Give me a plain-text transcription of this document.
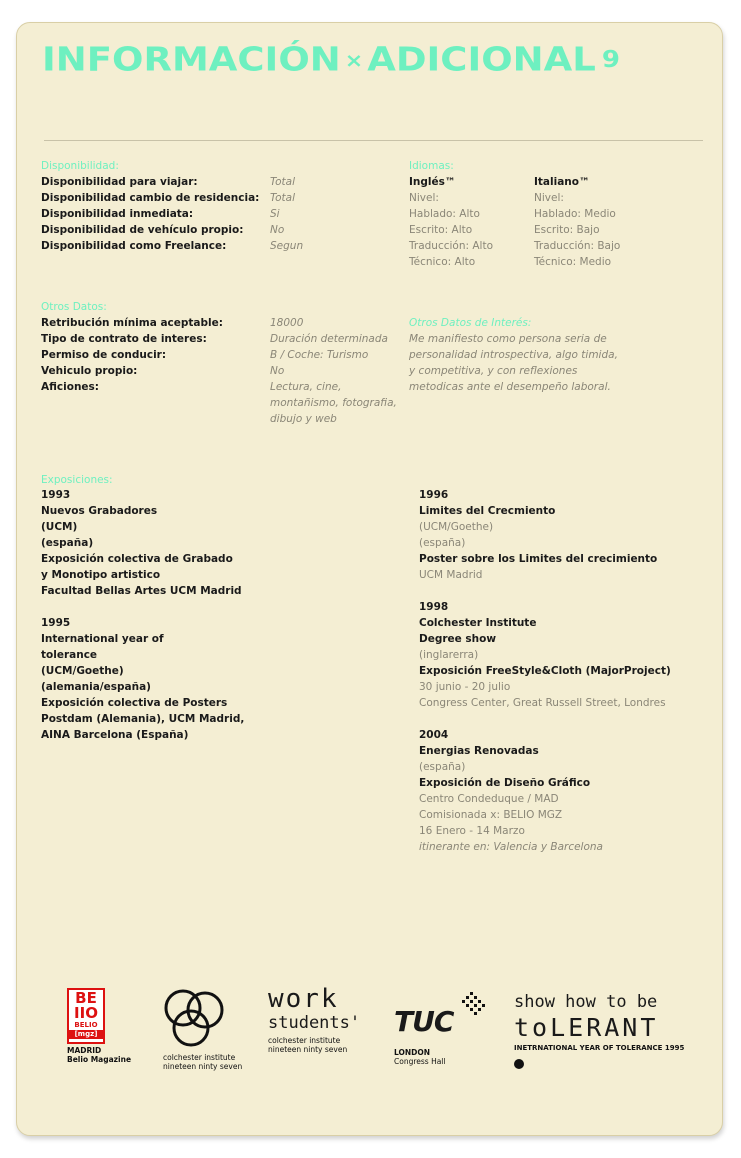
INFORMACIÓN × ADICIONAL $^9$
Disponibilidad:
Disponibilidad para viajar:	Total
Disponibilidad cambio de residencia: Total
Disponibilidad inmediata:	Si
Disponibilidad de vehículo propio:	No
Disponibilidad como Freelance:	Segun
Idiomas:
Inglés™
Nivel:
Hablado: Alto
Escrito: Alto
Traducción: Alto
Técnico: Alto
Italiano™
Nivel:
Hablado: Medio
Escrito: Bajo
Traducción: Bajo
Técnico: Medio
Otros Datos:
Retribución mínima aceptable:	18000
Tipo de contrato de interes:	Duración determinada
Permiso de conducir:	B / Coche: Turismo
Vehiculo propio:	No
Aficiones:	Lectura, cine,
montañismo, fotografia,
dibujo y web
Otros Datos de Interés:
Me manifiesto como persona seria de
personalidad introspectiva, algo timida,
y competitiva, y con reflexiones
metodicas ante el desempeño laboral.
Exposiciones:
1993
Nuevos Grabadores
(UCM)
(españa)
Exposición colectiva de Grabado
y Monotipo artistico
Facultad Bellas Artes UCM Madrid
1995
International year of
tolerance
(UCM/Goethe)
(alemania/españa)
Exposición colectiva de Posters
Postdam (Alemania), UCM Madrid,
AINA Barcelona (España)
1996
Limites del Crecmiento
(UCM/Goethe)
(españa)
Poster sobre los Limites del crecimiento
UCM Madrid
1998
Colchester Institute
Degree show
(inglarerra)
Exposición FreeStyle&Cloth (MajorProject)
30 junio - 20 julio
Congress Center, Great Russell Street, Londres
2004
Energias Renovadas
(españa)
Exposición de Diseño Gráfico
Centro Condeduque / MAD
Comisionada x: BELIO MGZ
16 Enero - 14 Marzo
itinerante en: Valencia y Barcelona
BE
IIO
BELIO
[mgz]
MADRID
Belio Magazine	colchester institute
nineteen ninty seven
work
students'
colchester institute
nineteen ninty seven
TUC
LONDON
Congress Hall
show how to be
toLERANT
INETRNATIONAL YEAR OF TOLERANCE 1995
